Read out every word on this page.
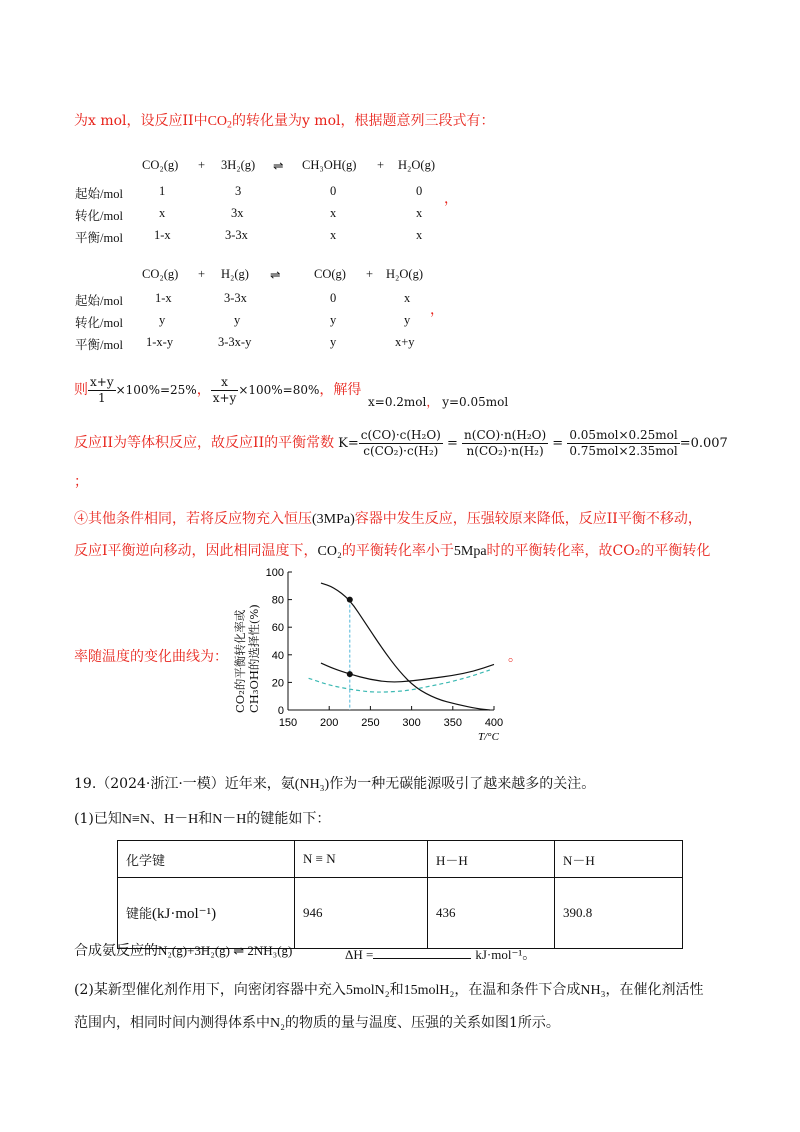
为x mol，设反应II中$CO_2$的转化量为y mol，根据题意列三段式有：
CO₂(g) + 3H₂(g) ⇌ CH₃OH(g) + H₂O(g)
起始/mol	1	3	0	0 ，
转化/mol	x	3x	x	x
平衡/mol 1-x	3-3x	x	x
CO₂(g) + H₂(g) ⇌	CO(g) + H₂O(g)
起始/mol	1-x	3-3x	0	x
，
转化/mol	y	y	y	y
平衡/mol 1-x-y	3-3x-y	y	x+y
则 $\frac{x+y}{1} \times 100\%=25\%$， $\frac{x}{x+y} \times 100\%=80\%$，解得
x=0.2mol， y=0.05mol
反应II为等体积反应，故反应II的平衡常数 $K= \frac{\text{c(CO)·c(H₂O)}}{\text{c(CO₂)·c(H₂)}} = \frac{\text{n(CO)·n(H₂O)}}{\text{n(CO₂)·n(H₂)}} = \frac{\text{0.05mol×0.25mol}}{\text{0.75mol×2.35mol}} =0.007$
；
④其他条件相同，若将反应物充入恒压(3MPa)容器中发生反应，压强较原来降低，反应II平衡不移动，
反应I平衡逆向移动，因此相同温度下，CO₂的平衡转化率小于5Mpa时的平衡转化率，故CO₂的平衡转化
率随温度的变化曲线为：	。
CO₂的平衡转化率或 CH₃OH的选择性(%)
150 200 250 300 350 400
0
20
40
60
80
100
T/°C
19.（2024·浙江·一模）近年来，氨(NH₃)作为一种无碳能源吸引了越来越多的关注。
(1)已知N≡N、H－H和N－H的键能如下：
化学键	N ≡ N	H－H	N－H
键能(kJ·mol⁻¹)	946	436	390.8
合成氨反应的N₂(g)+3H₂(g) ⇌ 2NH₃(g)	ΔH =	kJ·mol⁻¹。
(2)某新型催化剂作用下，向密闭容器中充入5molN₂和15molH₂，在温和条件下合成NH₃，在催化剂活性
范围内，相同时间内测得体系中N₂的物质的量与温度、压强的关系如图1所示。
